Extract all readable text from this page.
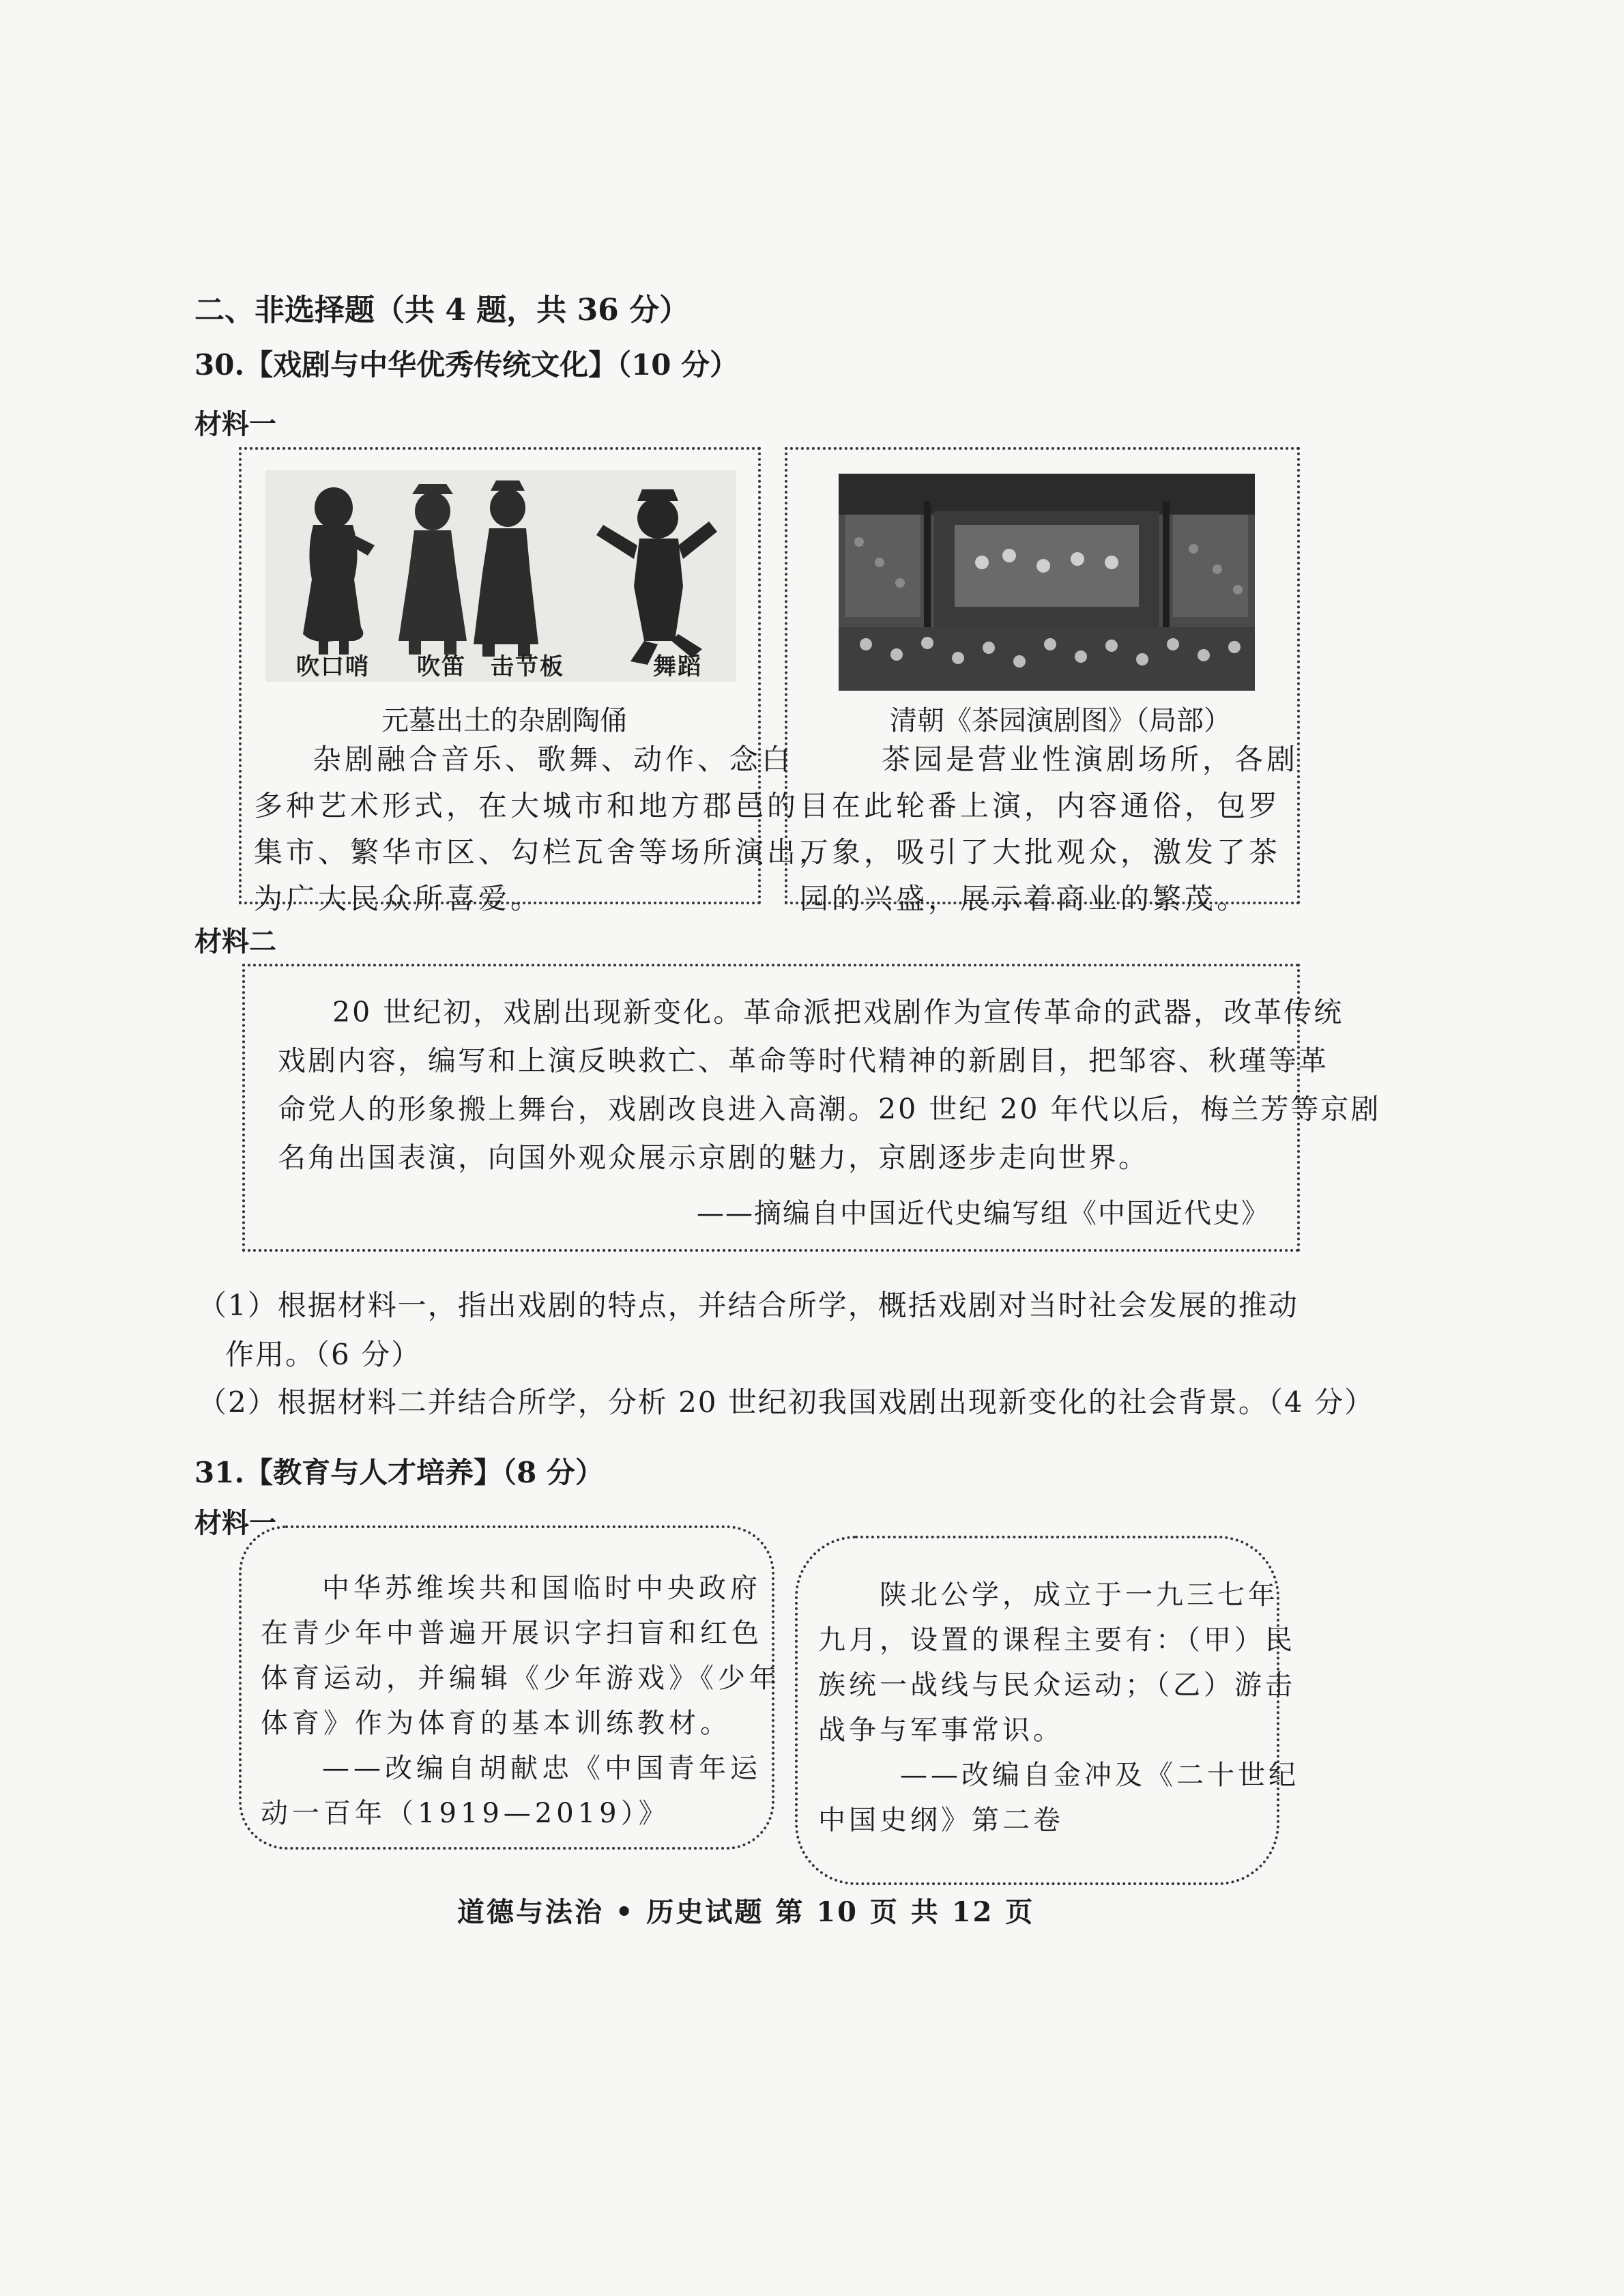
二、非选择题（共 4 题，共 36 分）
30.【戏剧与中华优秀传统文化】（10 分）
材料一
吹口哨 吹笛 击节板	舞蹈
元墓出土的杂剧陶俑
杂剧融合音乐、歌舞、动作、念白
多种艺术形式，在大城市和地方郡邑的
集市、繁华市区、勾栏瓦舍等场所演出，
为广大民众所喜爱。
清朝《茶园演剧图》（局部）
茶园是营业性演剧场所，各剧
目在此轮番上演，内容通俗，包罗
万象，吸引了大批观众，激发了茶
园的兴盛，展示着商业的繁茂。
材料二
20 世纪初，戏剧出现新变化。革命派把戏剧作为宣传革命的武器，改革传统
戏剧内容，编写和上演反映救亡、革命等时代精神的新剧目，把邹容、秋瑾等革
命党人的形象搬上舞台，戏剧改良进入高潮。20 世纪 20 年代以后，梅兰芳等京剧
名角出国表演，向国外观众展示京剧的魅力，京剧逐步走向世界。
——摘编自中国近代史编写组《中国近代史》
（1）根据材料一，指出戏剧的特点，并结合所学，概括戏剧对当时社会发展的推动
作用。（6 分）
（2）根据材料二并结合所学，分析 20 世纪初我国戏剧出现新变化的社会背景。（4 分）
31.【教育与人才培养】（8 分）
材料一
中华苏维埃共和国临时中央政府
在青少年中普遍开展识字扫盲和红色
体育运动，并编辑《少年游戏》《少年
体育》作为体育的基本训练教材。
——改编自胡献忠《中国青年运
动一百年（1919—2019）》
陕北公学，成立于一九三七年
九月，设置的课程主要有：（甲）民
族统一战线与民众运动；（乙）游击
战争与军事常识。
——改编自金冲及《二十世纪
中国史纲》第二卷
道德与法治 • 历史试题 第 10 页 共 12 页
